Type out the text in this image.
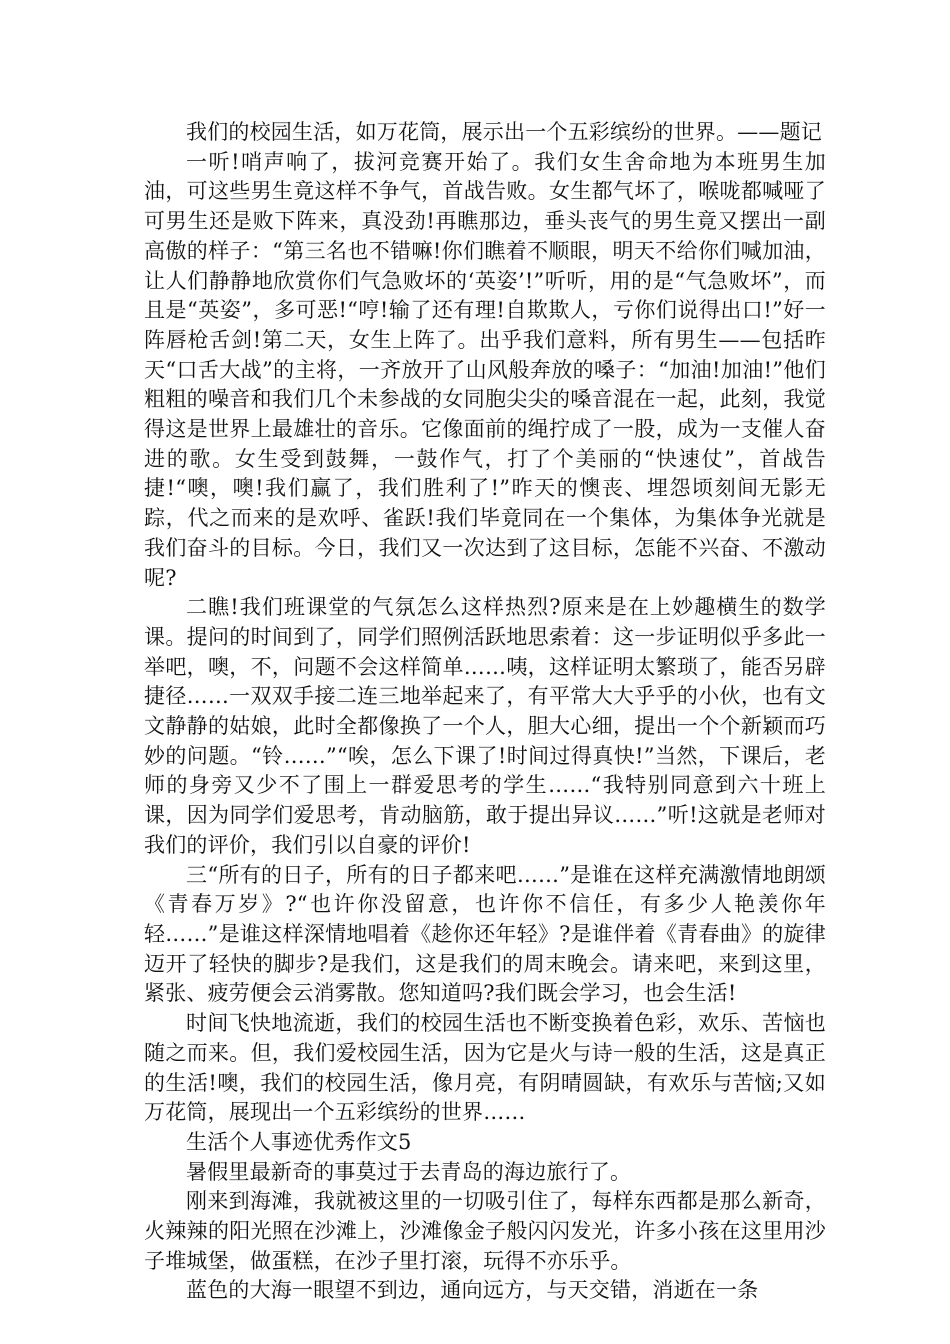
我们的校园生活，如万花筒，展示出一个五彩缤纷的世界。——题记

一听!哨声响了，拔河竞赛开始了。我们女生舍命地为本班男生加油，可这些男生竟这样不争气，首战告败。女生都气坏了，喉咙都喊哑了可男生还是败下阵来，真没劲!再瞧那边，垂头丧气的男生竟又摆出一副高傲的样子：“第三名也不错嘛!你们瞧着不顺眼，明天不给你们喊加油，让人们静静地欣赏你们气急败坏的‘英姿’!”听听，用的是“气急败坏”，而且是“英姿”，多可恶!“哼!输了还有理!自欺欺人，亏你们说得出口!”好一阵唇枪舌剑!第二天，女生上阵了。出乎我们意料，所有男生——包括昨天“口舌大战”的主将，一齐放开了山风般奔放的嗓子：“加油!加油!”他们粗粗的噪音和我们几个未参战的女同胞尖尖的嗓音混在一起，此刻，我觉得这是世界上最雄壮的音乐。它像面前的绳拧成了一股，成为一支催人奋进的歌。女生受到鼓舞，一鼓作气，打了个美丽的“快速仗”，首战告捷!“噢，噢!我们赢了，我们胜利了!”昨天的懊丧、埋怨顷刻间无影无踪，代之而来的是欢呼、雀跃!我们毕竟同在一个集体，为集体争光就是我们奋斗的目标。今日，我们又一次达到了这目标，怎能不兴奋、不激动呢?

二瞧!我们班课堂的气氛怎么这样热烈?原来是在上妙趣横生的数学课。提问的时间到了，同学们照例活跃地思索着：这一步证明似乎多此一举吧，噢，不，问题不会这样简单……咦，这样证明太繁琐了，能否另辟捷径……一双双手接二连三地举起来了，有平常大大乎乎的小伙，也有文文静静的姑娘，此时全都像换了一个人，胆大心细，提出一个个新颖而巧妙的问题。“铃……”“唉，怎么下课了!时间过得真快!”当然，下课后，老师的身旁又少不了围上一群爱思考的学生……“我特别同意到六十班上课，因为同学们爱思考，肯动脑筋，敢于提出异议……”听!这就是老师对我们的评价，我们引以自豪的评价!

三“所有的日子，所有的日子都来吧……”是谁在这样充满激情地朗颂《青春万岁》?“也许你没留意，也许你不信任，有多少人艳羡你年轻……”是谁这样深情地唱着《趁你还年轻》?是谁伴着《青春曲》的旋律迈开了轻快的脚步?是我们，这是我们的周末晚会。请来吧，来到这里，紧张、疲劳便会云消雾散。您知道吗?我们既会学习，也会生活!

时间飞快地流逝，我们的校园生活也不断变换着色彩，欢乐、苦恼也随之而来。但，我们爱校园生活，因为它是火与诗一般的生活，这是真正的生活!噢，我们的校园生活，像月亮，有阴晴圆缺，有欢乐与苦恼;又如万花筒，展现出一个五彩缤纷的世界……

生活个人事迹优秀作文5

暑假里最新奇的事莫过于去青岛的海边旅行了。

刚来到海滩，我就被这里的一切吸引住了，每样东西都是那么新奇，火辣辣的阳光照在沙滩上，沙滩像金子般闪闪发光，许多小孩在这里用沙子堆城堡，做蛋糕，在沙子里打滚，玩得不亦乐乎。

蓝色的大海一眼望不到边，通向远方，与天交错，消逝在一条
